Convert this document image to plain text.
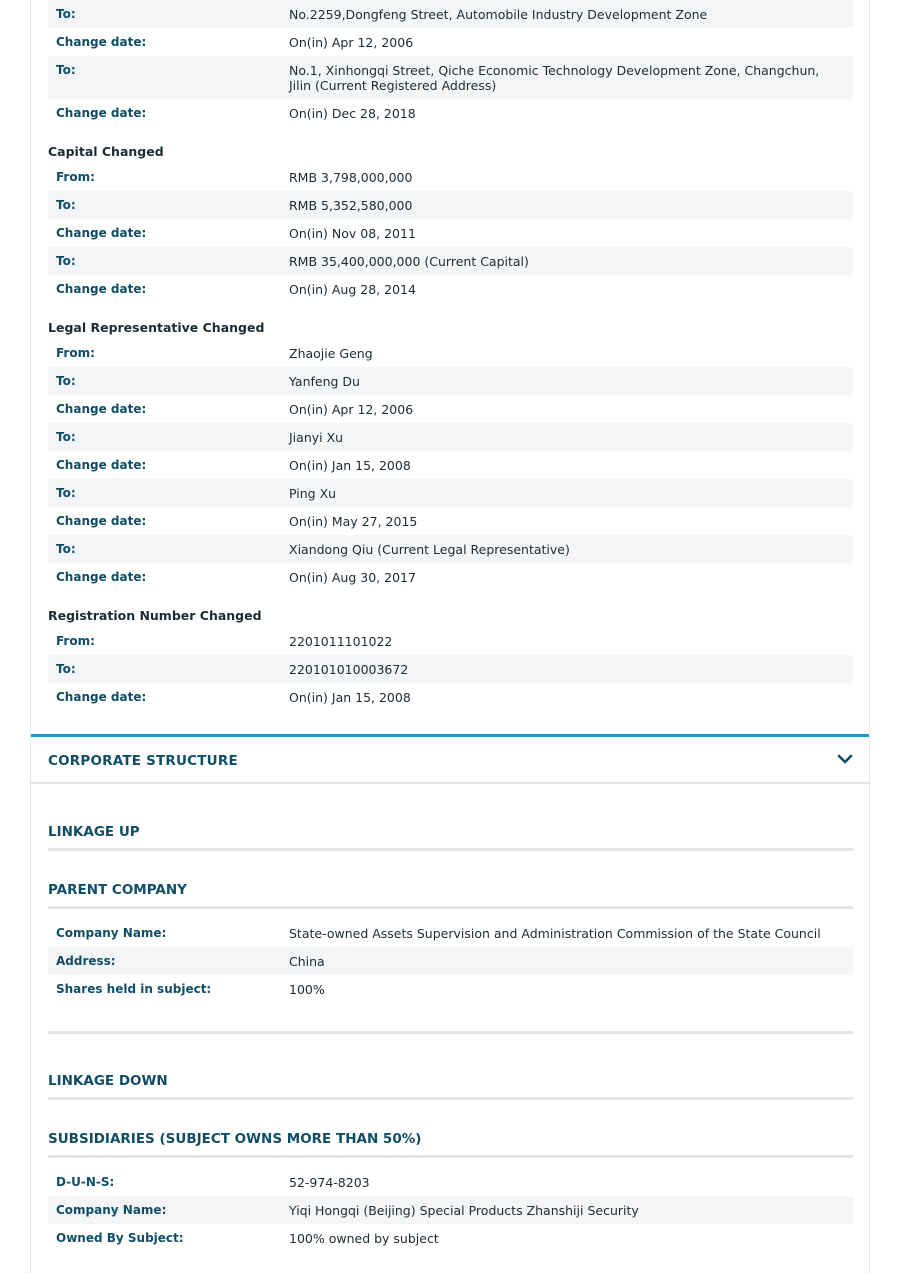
To:	No.2259,Dongfeng Street, Automobile Industry Development Zone
Change date:	On(in) Apr 12, 2006
To:	No.1, Xinhongqi Street, Qiche Economic Technology Development Zone, Changchun, Jilin (Current Registered Address)
Change date:	On(in) Dec 28, 2018
Capital Changed
From:	RMB 3,798,000,000
To:	RMB 5,352,580,000
Change date:	On(in) Nov 08, 2011
To:	RMB 35,400,000,000 (Current Capital)
Change date:	On(in) Aug 28, 2014
Legal Representative Changed
From:	Zhaojie Geng
To:	Yanfeng Du
Change date:	On(in) Apr 12, 2006
To:	Jianyi Xu
Change date:	On(in) Jan 15, 2008
To:	Ping Xu
Change date:	On(in) May 27, 2015
To:	Xiandong Qiu (Current Legal Representative)
Change date:	On(in) Aug 30, 2017
Registration Number Changed
From:	2201011101022
To:	220101010003672
Change date:	On(in) Jan 15, 2008
CORPORATE STRUCTURE
LINKAGE UP
PARENT COMPANY
Company Name:	State-owned Assets Supervision and Administration Commission of the State Council
Address:	China
Shares held in subject:	100%
LINKAGE DOWN
SUBSIDIARIES (SUBJECT OWNS MORE THAN 50%)
D-U-N-S:	52-974-8203
Company Name:	Yiqi Hongqi (Beijing) Special Products Zhanshiji Security
Owned By Subject:	100% owned by subject
